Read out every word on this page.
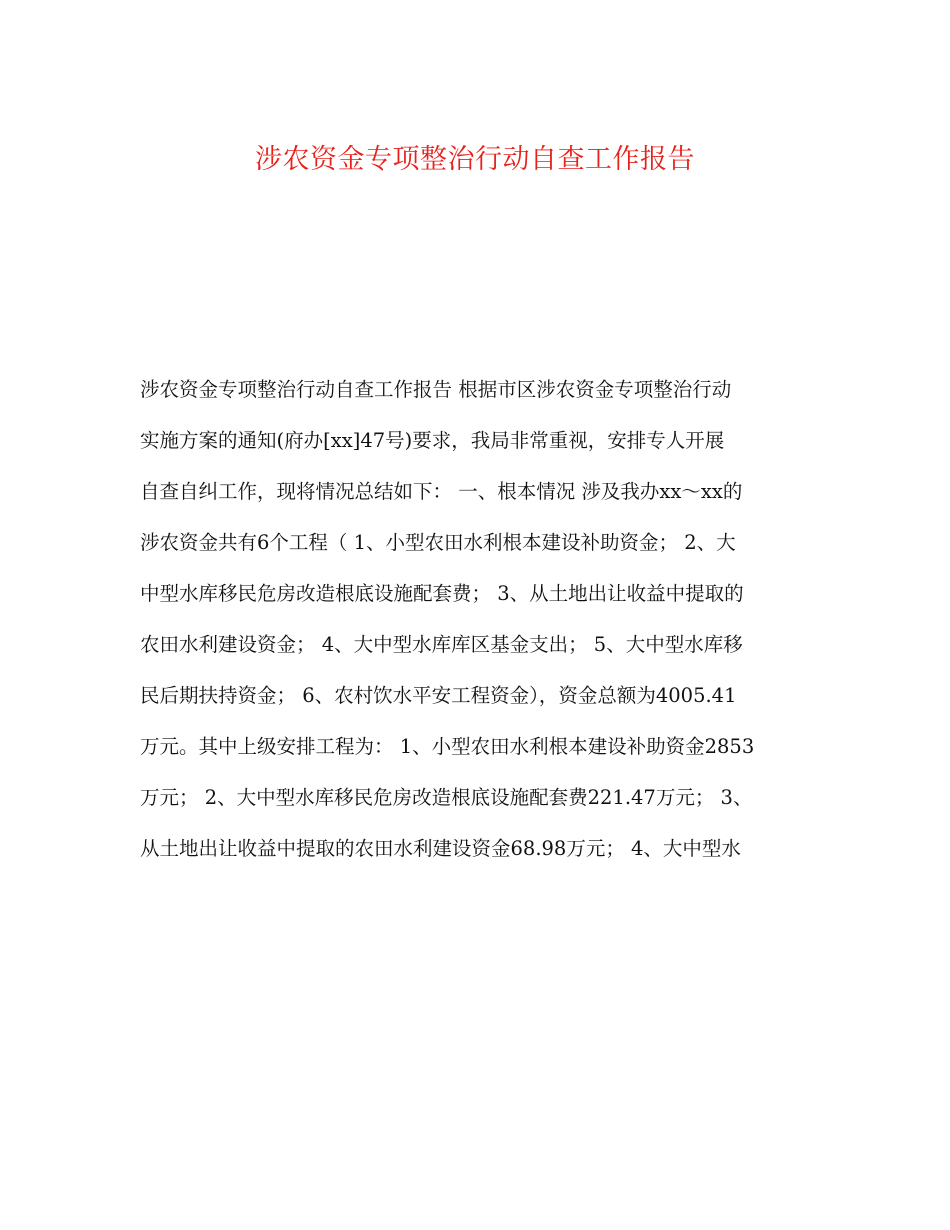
涉农资金专项整治行动自查工作报告
涉农资金专项整治行动自查工作报告 根据市区涉农资金专项整治行动
实施方案的通知(府办[xx]47号)要求，我局非常重视，安排专人开展
自查自纠工作，现将情况总结如下： 一、根本情况 涉及我办xx～xx的
涉农资金共有6个工程（ 1、小型农田水利根本建设补助资金； 2、大
中型水库移民危房改造根底设施配套费； 3、从土地出让收益中提取的
农田水利建设资金； 4、大中型水库库区基金支出； 5、大中型水库移
民后期扶持资金； 6、农村饮水平安工程资金），资金总额为4005.41
万元。其中上级安排工程为： 1、小型农田水利根本建设补助资金2853
万元； 2、大中型水库移民危房改造根底设施配套费221.47万元； 3、
从土地出让收益中提取的农田水利建设资金68.98万元； 4、大中型水
